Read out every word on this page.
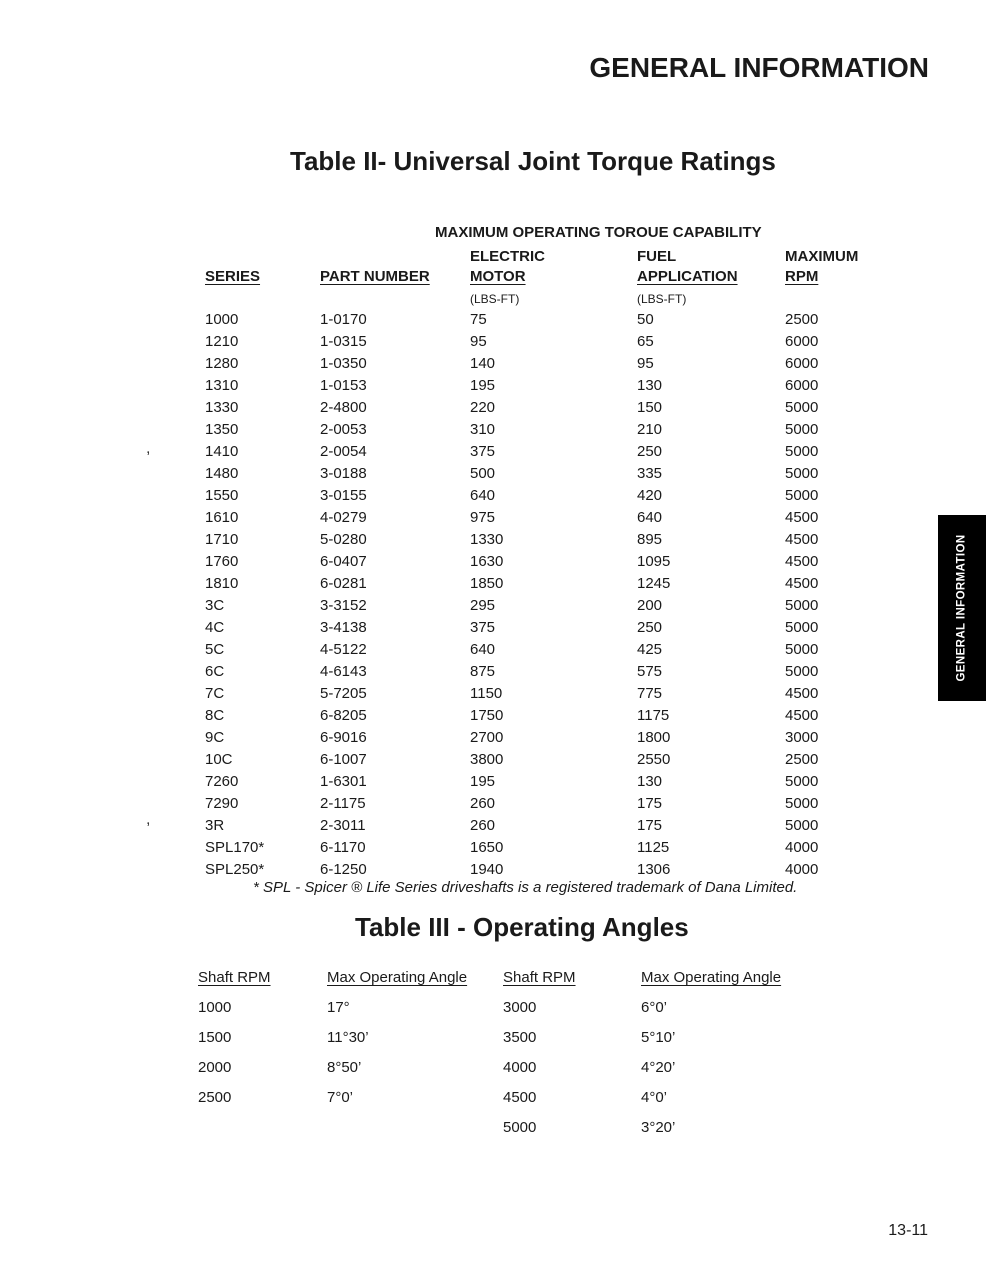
GENERAL INFORMATION
Table II- Universal Joint Torque Ratings
MAXIMUM OPERATING TOROUE CAPABILITY
		ELECTRIC	FUEL	MAXIMUM
SERIES	PART NUMBER	MOTOR	APPLICATION	RPM
		(LBS-FT)	(LBS-FT)	
1000	1-0170	75	50	2500
1210	1-0315	95	65	6000
1280	1-0350	140	95	6000
1310	1-0153	195	130	6000
1330	2-4800	220	150	5000
1350	2-0053	310	210	5000
1410	2-0054	375	250	5000
1480	3-0188	500	335	5000
1550	3-0155	640	420	5000
1610	4-0279	975	640	4500
1710	5-0280	1330	895	4500
1760	6-0407	1630	1095	4500
1810	6-0281	1850	1245	4500
3C	3-3152	295	200	5000
4C	3-4138	375	250	5000
5C	4-5122	640	425	5000
6C	4-6143	875	575	5000
7C	5-7205	1150	775	4500
8C	6-8205	1750	1175	4500
9C	6-9016	2700	1800	3000
10C	6-1007	3800	2550	2500
7260	1-6301	195	130	5000
7290	2-1175	260	175	5000
3R	2-3011	260	175	5000
SPL170*	6-1170	1650	1125	4000
SPL250*	6-1250	1940	1306	4000
* SPL - Spicer ® Life Series driveshafts is a registered trademark of Dana Limited.
Table III - Operating Angles
Shaft RPM	Max Operating Angle	Shaft RPM	Max Operating Angle
1000	17°	3000	6°0’
1500	11°30’	3500	5°10’
2000	8°50’	4000	4°20’
2500	7°0’	4500	4°0’
		5000	3°20’
GENERAL INFORMATION
13-11
,
,
